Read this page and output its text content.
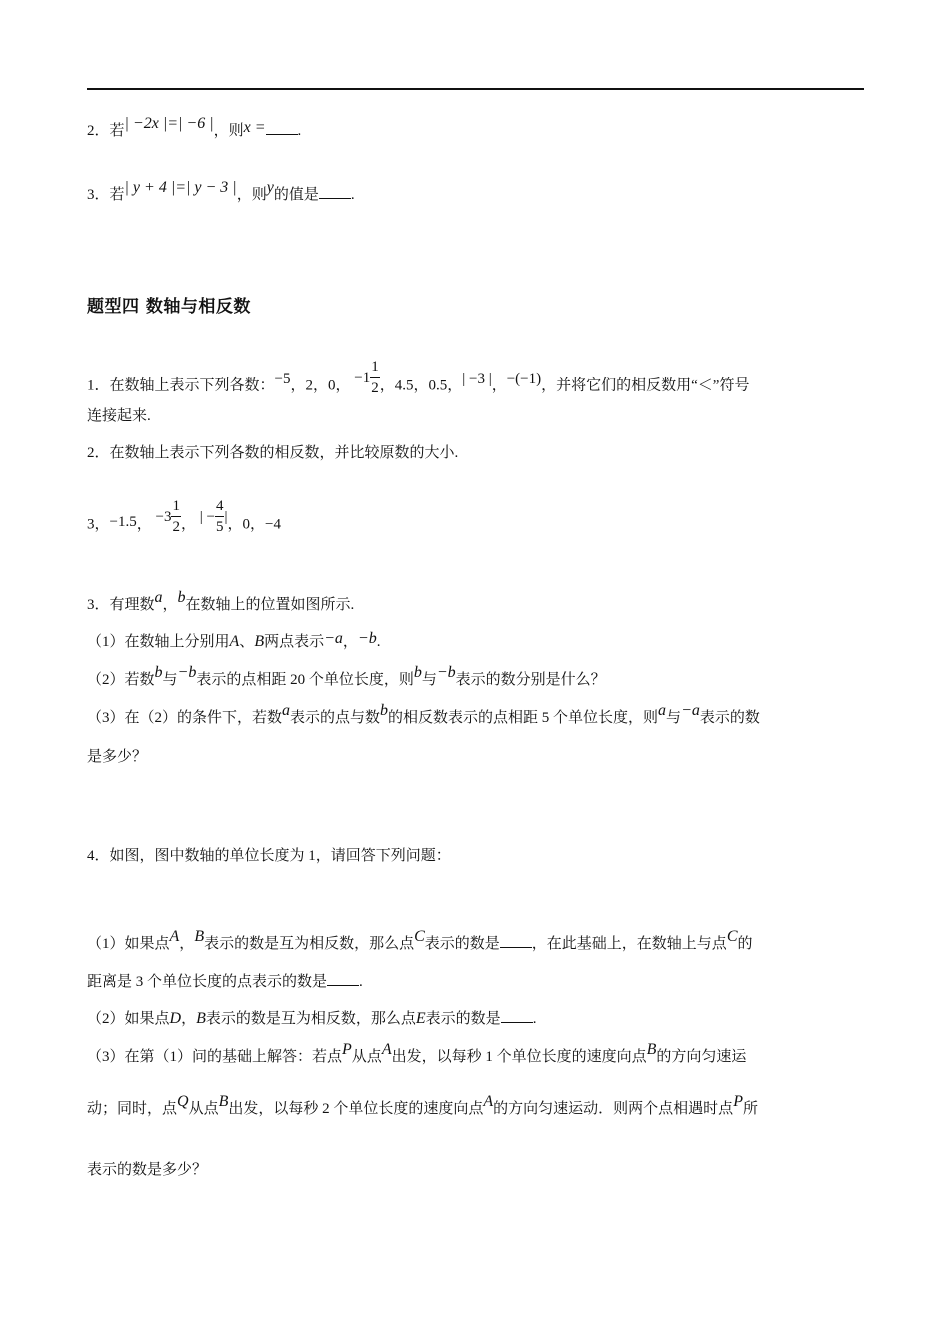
2．若| −2x |=| −6 |，则x = .
3．若| y + 4 |=| y − 3 |，则y的值是 .
题型四 数轴与相反数
1．在数轴上表示下列各数：−5，2，0， $-1 \frac{1}{2}$ ，4.5，0.5，| −3 |，−(−1)，并将它们的相反数用“＜”符号
连接起来.
2．在数轴上表示下列各数的相反数，并比较原数的大小.
3，−1.5， $-3 \frac{1}{2}$ ， | − $\frac{4}{5}$ | ，0，−4
3．有理数a，b在数轴上的位置如图所示.
（1）在数轴上分别用A、B两点表示−a，−b.
（2）若数b与−b表示的点相距 20 个单位长度，则b与−b表示的数分别是什么？
（3）在（2）的条件下，若数a表示的点与数b的相反数表示的点相距 5 个单位长度，则a与−a表示的数
是多少？
4．如图，图中数轴的单位长度为 1，请回答下列问题：
（1）如果点A，B表示的数是互为相反数，那么点C表示的数是 ，在此基础上，在数轴上与点C的
距离是 3 个单位长度的点表示的数是 .
（2）如果点D，B表示的数是互为相反数，那么点E表示的数是 .
（3）在第（1）问的基础上解答：若点P从点A出发，以每秒 1 个单位长度的速度向点B的方向匀速运
动；同时，点Q从点B出发，以每秒 2 个单位长度的速度向点A的方向匀速运动．则两个点相遇时点P所
表示的数是多少？
